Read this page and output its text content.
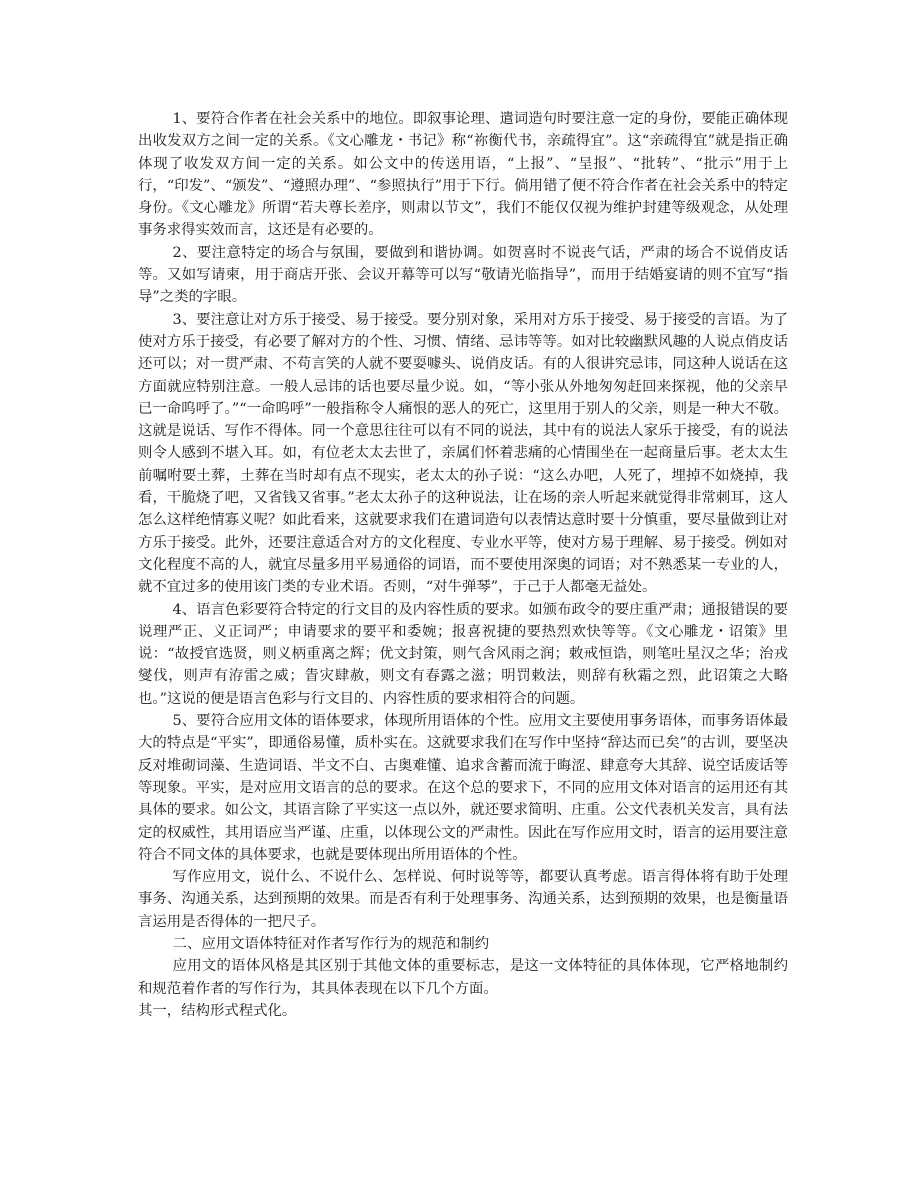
1、要符合作者在社会关系中的地位。即叙事论理、遣词造句时要注意一定的身份，要能正确体现出收发双方之间一定的关系。《文心雕龙・书记》称“祢衡代书，亲疏得宜”。这“亲疏得宜”就是指正确体现了收发双方间一定的关系。如公文中的传送用语，“上报”、“呈报”、“批转”、“批示”用于上行，“印发”、“颁发”、“遵照办理”、“参照执行”用于下行。倘用错了便不符合作者在社会关系中的特定身份。《文心雕龙》所谓“若夫尊长差序，则肃以节文”，我们不能仅仅视为维护封建等级观念，从处理事务求得实效而言，这还是有必要的。

2、要注意特定的场合与氛围，要做到和谐协调。如贺喜时不说丧气话，严肃的场合不说俏皮话等。又如写请柬，用于商店开张、会议开幕等可以写“敬请光临指导”，而用于结婚宴请的则不宜写“指导”之类的字眼。

3、要注意让对方乐于接受、易于接受。要分别对象，采用对方乐于接受、易于接受的言语。为了使对方乐于接受，有必要了解对方的个性、习惯、情绪、忌讳等等。如对比较幽默风趣的人说点俏皮话还可以；对一贯严肃、不苟言笑的人就不要耍噱头、说俏皮话。有的人很讲究忌讳，同这种人说话在这方面就应特别注意。一般人忌讳的话也要尽量少说。如，“等小张从外地匆匆赶回来探视，他的父亲早已一命呜呼了。”“一命呜呼”一般指称令人痛恨的恶人的死亡，这里用于别人的父亲，则是一种大不敬。这就是说话、写作不得体。同一个意思往往可以有不同的说法，其中有的说法人家乐于接受，有的说法则令人感到不堪入耳。如，有位老太太去世了，亲属们怀着悲痛的心情围坐在一起商量后事。老太太生前嘱咐要土葬，土葬在当时却有点不现实，老太太的孙子说：“这么办吧，人死了，埋掉不如烧掉，我看，干脆烧了吧，又省钱又省事。”老太太孙子的这种说法，让在场的亲人听起来就觉得非常刺耳，这人怎么这样绝情寡义呢？如此看来，这就要求我们在遣词造句以表情达意时要十分慎重，要尽量做到让对方乐于接受。此外，还要注意适合对方的文化程度、专业水平等，使对方易于理解、易于接受。例如对文化程度不高的人，就宜尽量多用平易通俗的词语，而不要使用深奥的词语；对不熟悉某一专业的人，就不宜过多的使用该门类的专业术语。否则，“对牛弹琴”，于己于人都毫无益处。

4、语言色彩要符合特定的行文目的及内容性质的要求。如颁布政令的要庄重严肃；通报错误的要说理严正、义正词严；申请要求的要平和委婉；报喜祝捷的要热烈欢快等等。《文心雕龙・诏策》里说：“故授官选贤，则义柄重离之辉；优文封策，则气含风雨之润；敕戒恒诰，则笔吐星汉之华；治戎燮伐，则声有洊雷之威；眚灾肆赦，则文有春露之滋；明罚敕法，则辞有秋霜之烈，此诏策之大略也。”这说的便是语言色彩与行文目的、内容性质的要求相符合的问题。

5、要符合应用文体的语体要求，体现所用语体的个性。应用文主要使用事务语体，而事务语体最大的特点是“平实”，即通俗易懂，质朴实在。这就要求我们在写作中坚持“辞达而已矣”的古训，要坚决反对堆砌词藻、生造词语、半文不白、古奥难懂、追求含蓄而流于晦涩、肆意夸大其辞、说空话废话等等现象。平实，是对应用文语言的总的要求。在这个总的要求下，不同的应用文体对语言的运用还有其具体的要求。如公文，其语言除了平实这一点以外，就还要求简明、庄重。公文代表机关发言，具有法定的权威性，其用语应当严谨、庄重，以体现公文的严肃性。因此在写作应用文时，语言的运用要注意符合不同文体的具体要求，也就是要体现出所用语体的个性。

写作应用文，说什么、不说什么、怎样说、何时说等等，都要认真考虑。语言得体将有助于处理事务、沟通关系，达到预期的效果。而是否有利于处理事务、沟通关系，达到预期的效果，也是衡量语言运用是否得体的一把尺子。

二、应用文语体特征对作者写作行为的规范和制约

应用文的语体风格是其区别于其他文体的重要标志，是这一文体特征的具体体现，它严格地制约和规范着作者的写作行为，其具体表现在以下几个方面。

其一，结构形式程式化。
